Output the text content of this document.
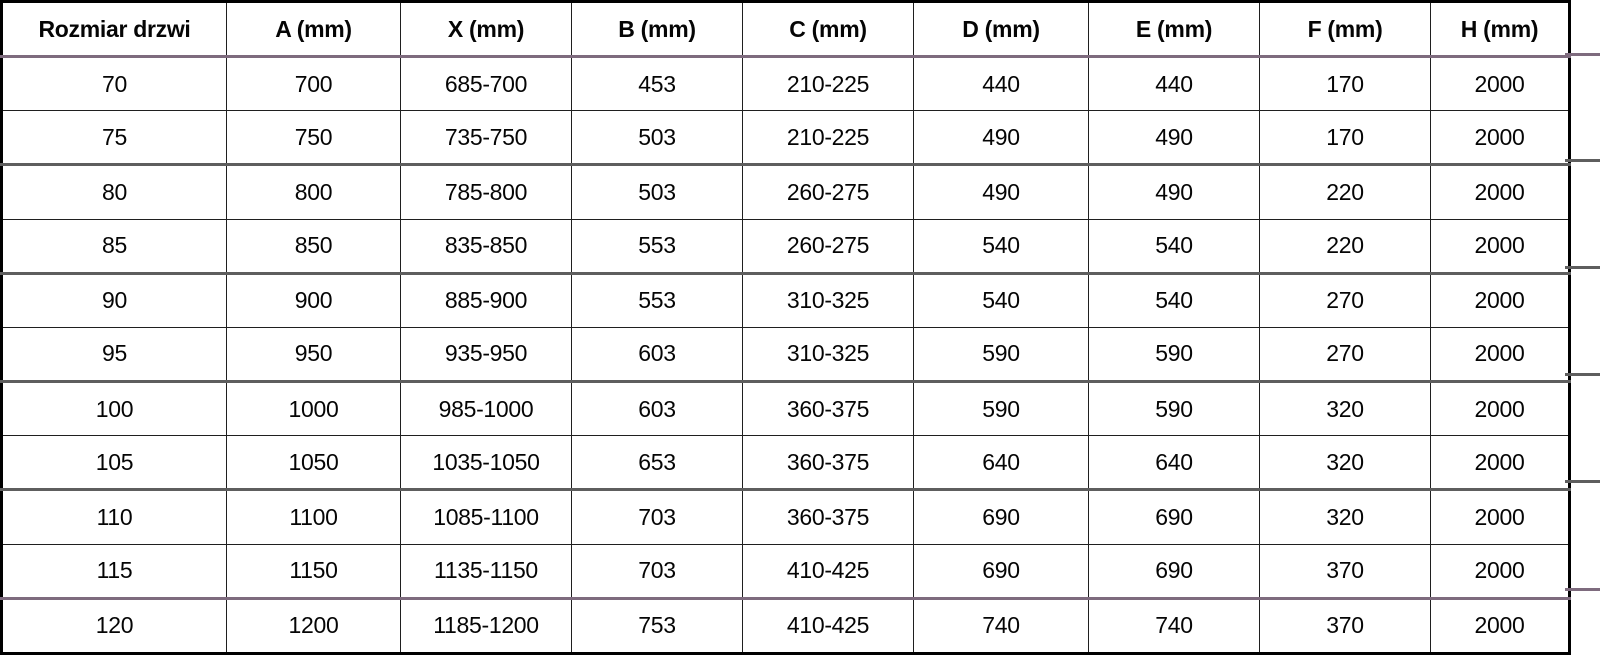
Rozmiar drzwi	A (mm)	X (mm)	B (mm)	C (mm)	D (mm)	E (mm)	F (mm)	H (mm)
70	700	685-700	453	210-225	440	440	170	2000
75	750	735-750	503	210-225	490	490	170	2000
80	800	785-800	503	260-275	490	490	220	2000
85	850	835-850	553	260-275	540	540	220	2000
90	900	885-900	553	310-325	540	540	270	2000
95	950	935-950	603	310-325	590	590	270	2000
100	1000	985-1000	603	360-375	590	590	320	2000
105	1050	1035-1050	653	360-375	640	640	320	2000
110	1100	1085-1100	703	360-375	690	690	320	2000
115	1150	1135-1150	703	410-425	690	690	370	2000
120	1200	1185-1200	753	410-425	740	740	370	2000
